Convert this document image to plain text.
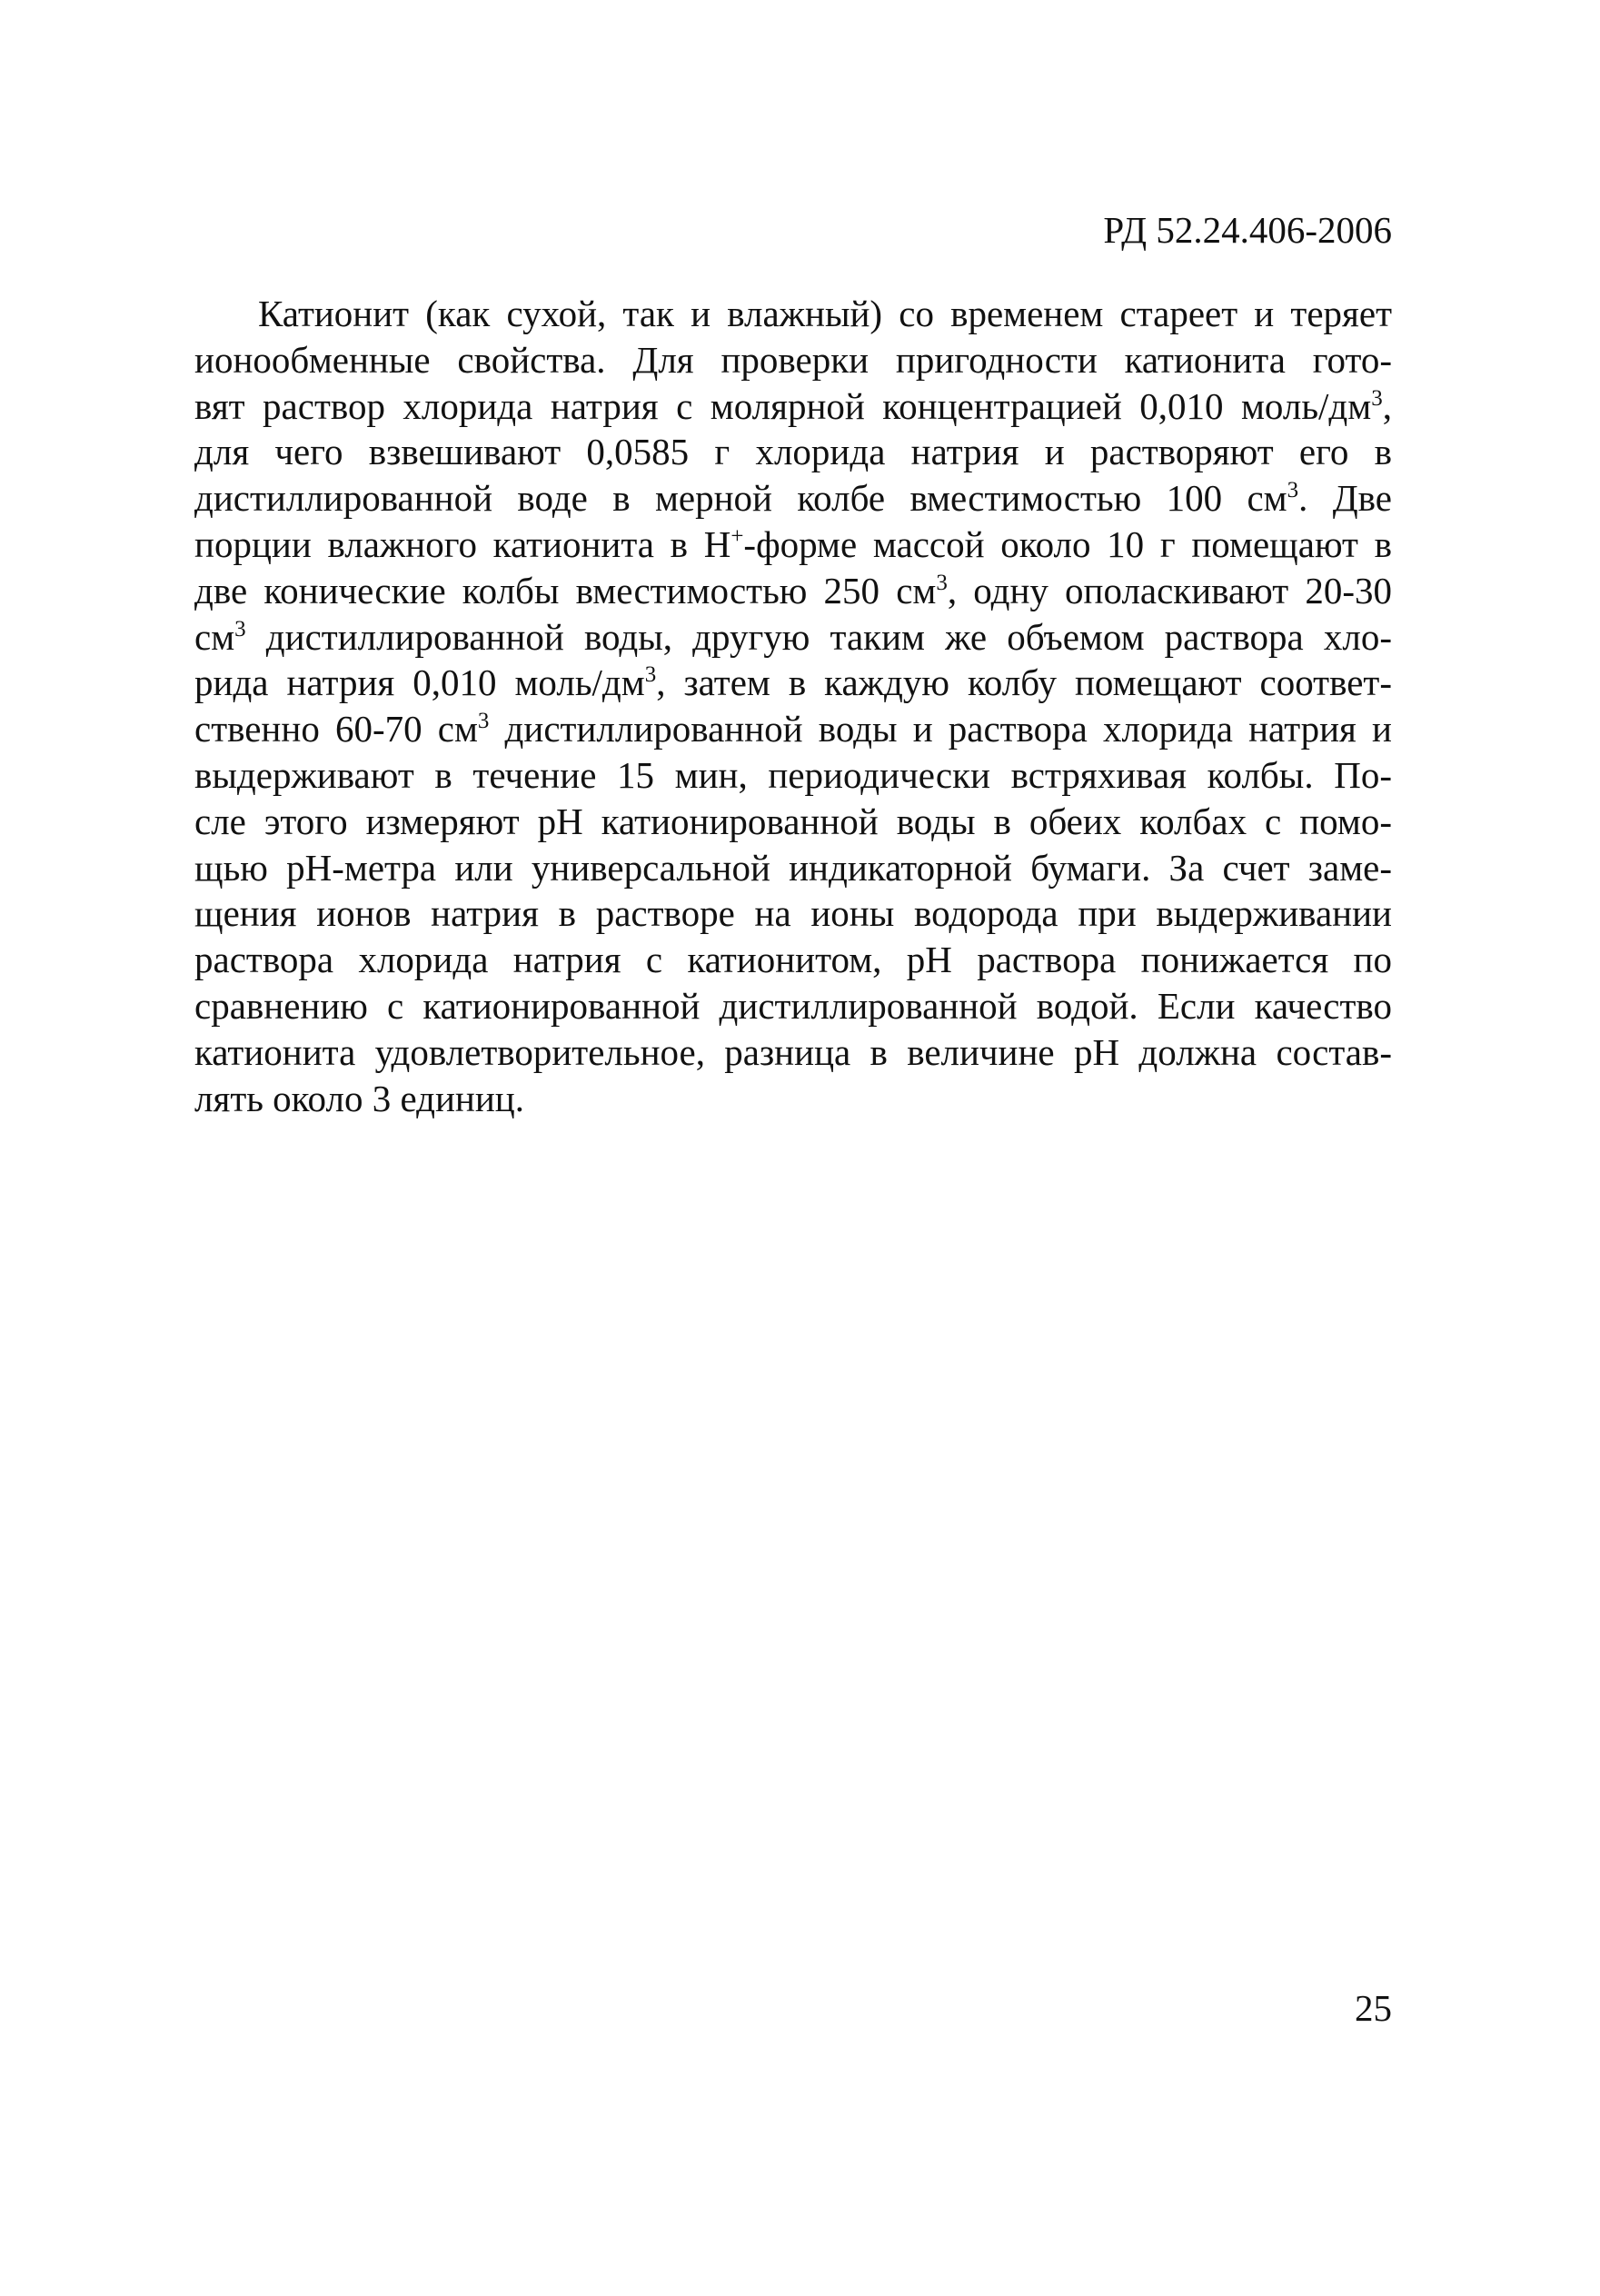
РД 52.24.406-2006
Катионит (как сухой, так и влажный) со временем стареет и теряет
ионообменные свойства. Для проверки пригодности катионита гото-
вят раствор хлорида натрия с молярной концентрацией 0,010 моль/$дм^3$,
для чего взвешивают 0,0585 г хлорида натрия и растворяют его в
дистиллированной воде в мерной колбе вместимостью 100 $см^3$. Две
порции влажного катионита в Н+-форме массой около 10 г помещают в
две конические колбы вместимостью 250 $см^3$, одну ополаскивают 20-30
$см^3$ дистиллированной воды, другую таким же объемом раствора хло-
рида натрия 0,010 моль/$дм^3$, затем в каждую колбу помещают соответ-
ственно 60-70 $см^3$ дистиллированной воды и раствора хлорида натрия и
выдерживают в течение 15 мин, периодически встряхивая колбы. По-
сле этого измеряют рН катионированной воды в обеих колбах с помо-
щью рН-метра или универсальной индикаторной бумаги. За счет заме-
щения ионов натрия в растворе на ионы водорода при выдерживании
раствора хлорида натрия с катионитом, рН раствора понижается по
сравнению с катионированной дистиллированной водой. Если качество
катионита удовлетворительное, разница в величине рН должна состав-
лять около 3 единиц.
25
